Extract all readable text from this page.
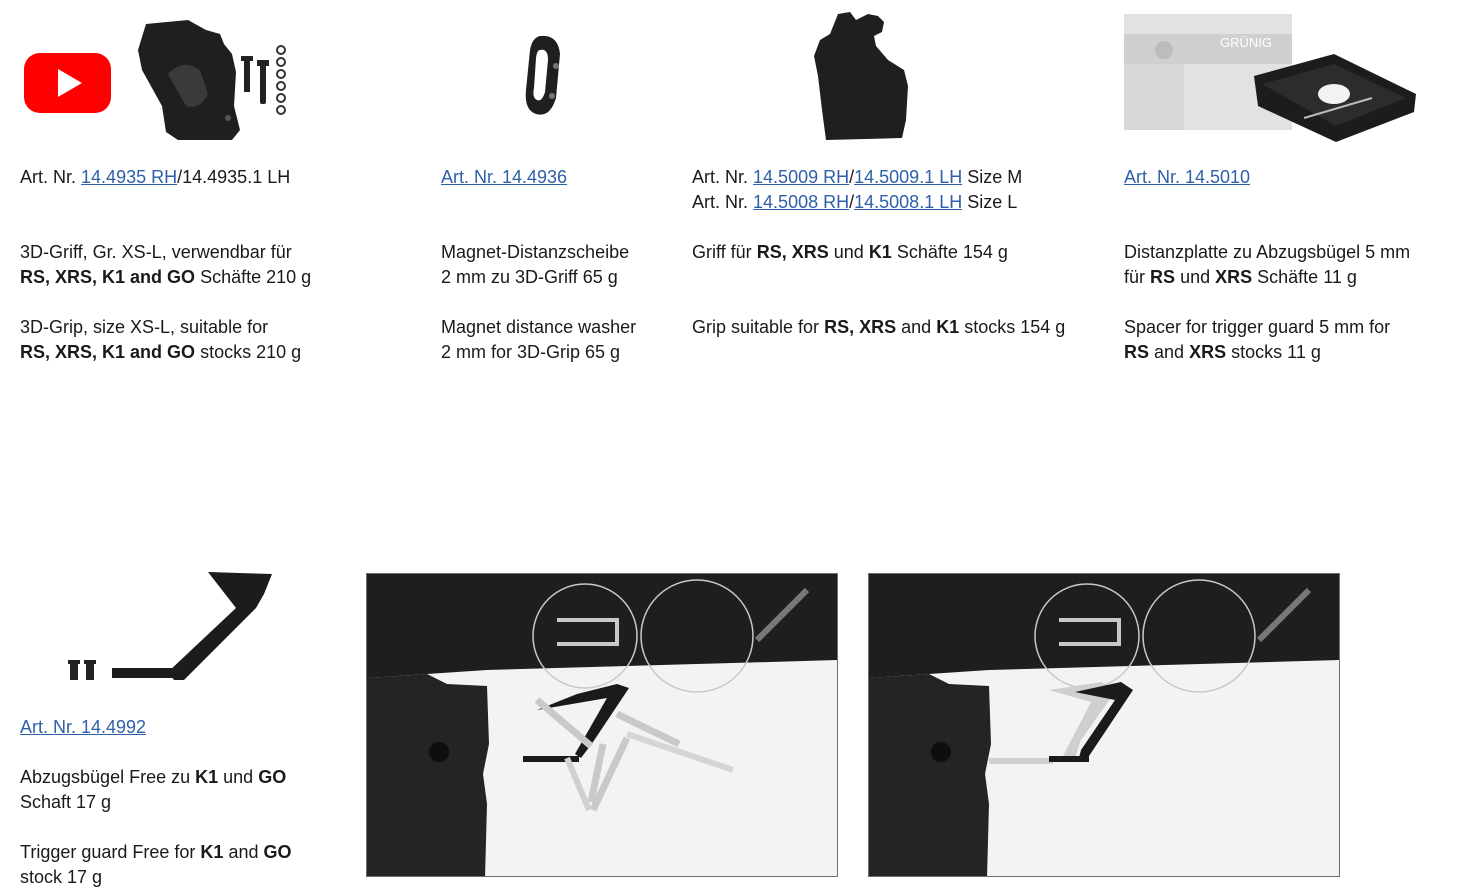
Art. Nr. 14.4935 RH/14.4935.1 LH

3D-Griff, Gr. XS-L, verwendbar für

RS, XRS, K1 and GO Schäfte 210 g

3D-Grip, size XS-L, suitable for

RS, XRS, K1 and GO stocks 210 g

Art. Nr. 14.4936

Magnet-Distanzscheibe

2 mm zu 3D-Griff 65 g

Magnet distance washer

2 mm for 3D-Grip 65 g

Art. Nr. 14.5009 RH/14.5009.1 LH Size M
Art. Nr. 14.5008 RH/14.5008.1 LH Size L

Griff für RS, XRS und K1 Schäfte 154 g

Grip suitable for RS, XRS and K1 stocks 154 g

GRÜNIG
Art. Nr. 14.5010

Distanzplatte zu Abzugsbügel 5 mm

für RS und XRS Schäfte 11 g

Spacer for trigger guard 5 mm for

RS and XRS stocks 11 g

Art. Nr. 14.4992

Abzugsbügel Free zu K1 und GO

Schaft 17 g

Trigger guard Free for K1 and GO

stock 17 g
